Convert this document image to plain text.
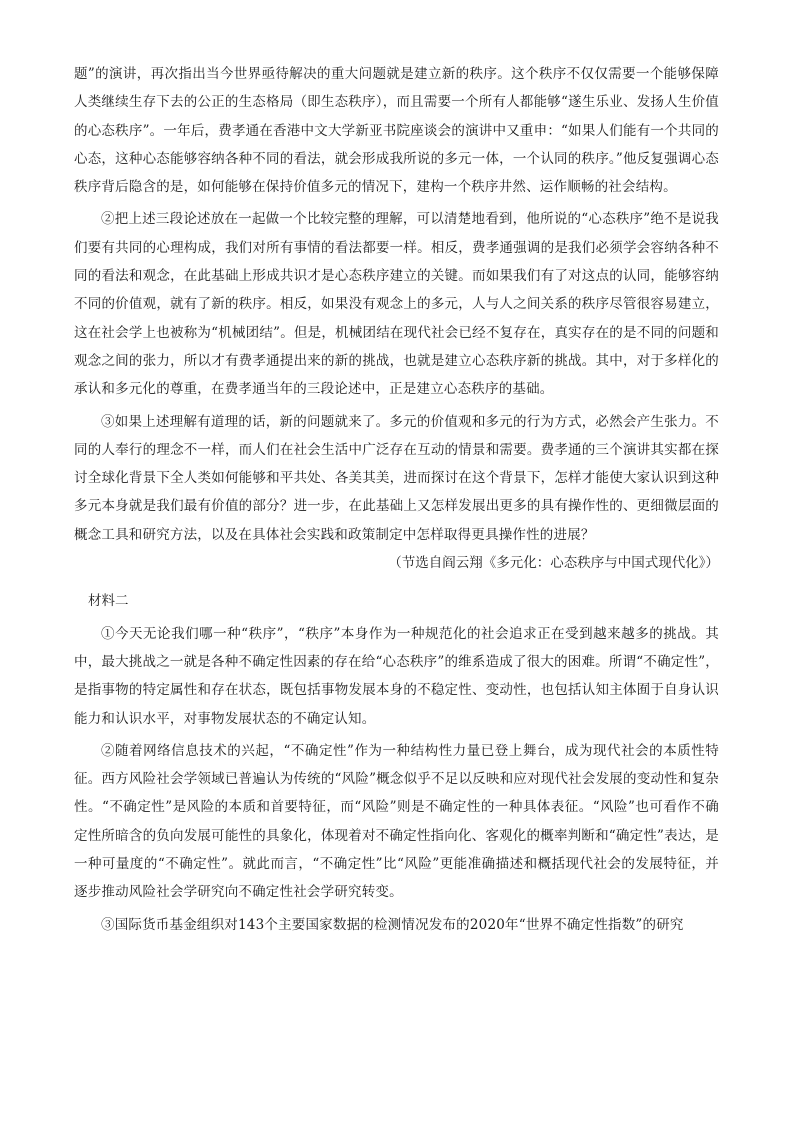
题”的演讲，再次指出当今世界亟待解决的重大问题就是建立新的秩序。这个秩序不仅仅需要一个能够保障人类继续生存下去的公正的生态格局（即生态秩序），而且需要一个所有人都能够“遂生乐业、发扬人生价值的心态秩序”。一年后，费孝通在香港中文大学新亚书院座谈会的演讲中又重申：“如果人们能有一个共同的心态，这种心态能够容纳各种不同的看法，就会形成我所说的多元一体，一个认同的秩序。”他反复强调心态秩序背后隐含的是，如何能够在保持价值多元的情况下，建构一个秩序井然、运作顺畅的社会结构。

②把上述三段论述放在一起做一个比较完整的理解，可以清楚地看到，他所说的“心态秩序”绝不是说我们要有共同的心理构成，我们对所有事情的看法都要一样。相反，费孝通强调的是我们必须学会容纳各种不同的看法和观念，在此基础上形成共识才是心态秩序建立的关键。而如果我们有了对这点的认同，能够容纳不同的价值观，就有了新的秩序。相反，如果没有观念上的多元，人与人之间关系的秩序尽管很容易建立，这在社会学上也被称为“机械团结”。但是，机械团结在现代社会已经不复存在，真实存在的是不同的问题和观念之间的张力，所以才有费孝通提出来的新的挑战，也就是建立心态秩序新的挑战。其中，对于多样化的承认和多元化的尊重，在费孝通当年的三段论述中，正是建立心态秩序的基础。

③如果上述理解有道理的话，新的问题就来了。多元的价值观和多元的行为方式，必然会产生张力。不同的人奉行的理念不一样，而人们在社会生活中广泛存在互动的情景和需要。费孝通的三个演讲其实都在探讨全球化背景下全人类如何能够和平共处、各美其美，进而探讨在这个背景下，怎样才能使大家认识到这种多元本身就是我们最有价值的部分？进一步，在此基础上又怎样发展出更多的具有操作性的、更细微层面的概念工具和研究方法，以及在具体社会实践和政策制定中怎样取得更具操作性的进展？

（节选自阎云翔《多元化：心态秩序与中国式现代化》）

材料二

①今天无论我们哪一种“秩序”，“秩序”本身作为一种规范化的社会追求正在受到越来越多的挑战。其中，最大挑战之一就是各种不确定性因素的存在给“心态秩序”的维系造成了很大的困难。所谓“不确定性”，是指事物的特定属性和存在状态，既包括事物发展本身的不稳定性、变动性，也包括认知主体囿于自身认识能力和认识水平，对事物发展状态的不确定认知。

②随着网络信息技术的兴起，“不确定性”作为一种结构性力量已登上舞台，成为现代社会的本质性特征。西方风险社会学领域已普遍认为传统的“风险”概念似乎不足以反映和应对现代社会发展的变动性和复杂性。“不确定性”是风险的本质和首要特征，而“风险”则是不确定性的一种具体表征。“风险”也可看作不确定性所暗含的负向发展可能性的具象化，体现着对不确定性指向化、客观化的概率判断和“确定性”表达，是一种可量度的“不确定性”。就此而言，“不确定性”比“风险”更能准确描述和概括现代社会的发展特征，并逐步推动风险社会学研究向不确定性社会学研究转变。

③国际货币基金组织对143个主要国家数据的检测情况发布的2020年“世界不确定性指数”的研究
